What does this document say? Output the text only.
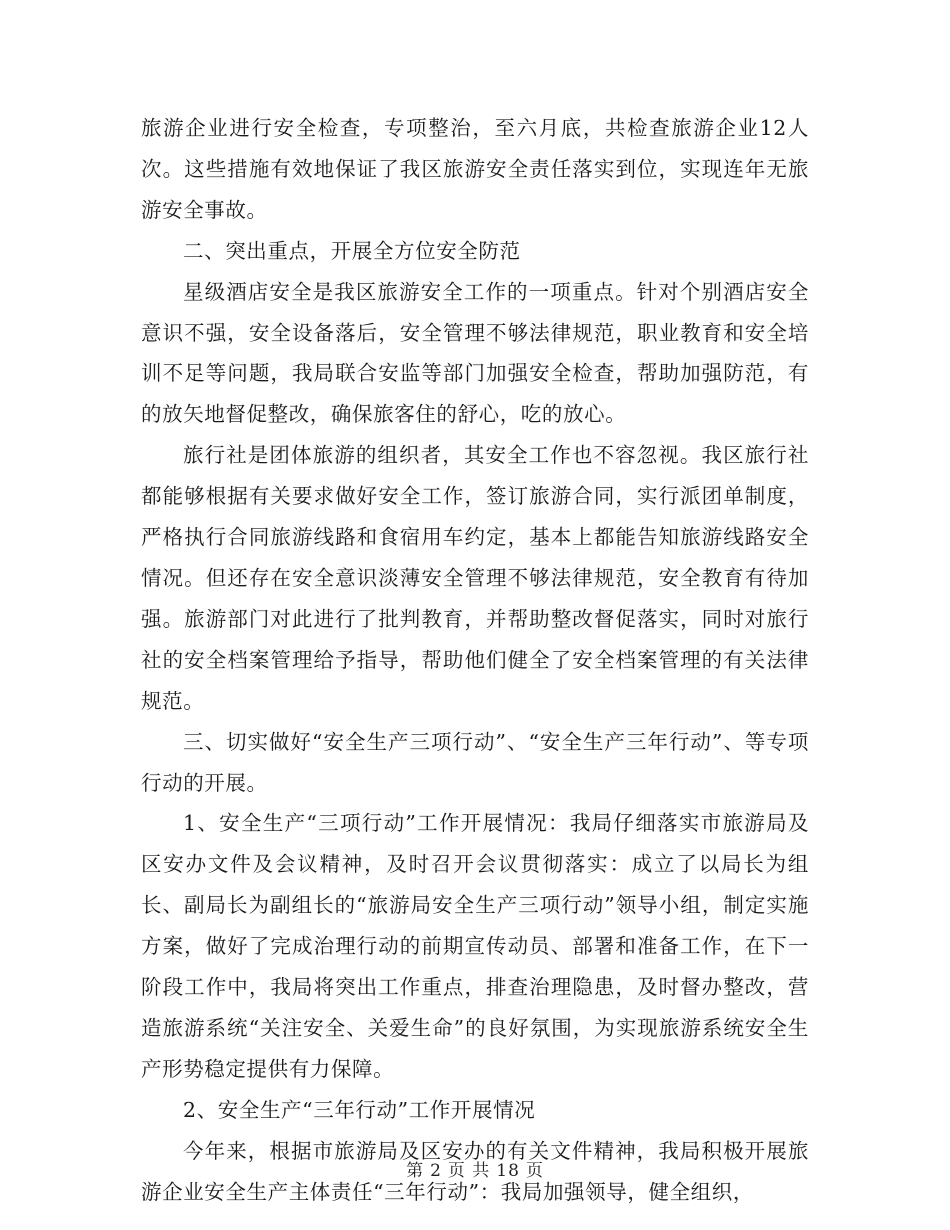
旅游企业进行安全检查，专项整治，至六月底，共检查旅游企业12人次。这些措施有效地保证了我区旅游安全责任落实到位，实现连年无旅游安全事故。

二、突出重点，开展全方位安全防范

星级酒店安全是我区旅游安全工作的一项重点。针对个别酒店安全意识不强，安全设备落后，安全管理不够法律规范，职业教育和安全培训不足等问题，我局联合安监等部门加强安全检查，帮助加强防范，有的放矢地督促整改，确保旅客住的舒心，吃的放心。

旅行社是团体旅游的组织者，其安全工作也不容忽视。我区旅行社都能够根据有关要求做好安全工作，签订旅游合同，实行派团单制度，严格执行合同旅游线路和食宿用车约定，基本上都能告知旅游线路安全情况。但还存在安全意识淡薄安全管理不够法律规范，安全教育有待加强。旅游部门对此进行了批判教育，并帮助整改督促落实，同时对旅行社的安全档案管理给予指导，帮助他们健全了安全档案管理的有关法律规范。

三、切实做好“安全生产三项行动”、“安全生产三年行动”、等专项行动的开展。

1、安全生产“三项行动”工作开展情况：我局仔细落实市旅游局及区安办文件及会议精神，及时召开会议贯彻落实：成立了以局长为组长、副局长为副组长的“旅游局安全生产三项行动”领导小组，制定实施方案，做好了完成治理行动的前期宣传动员、部署和准备工作，在下一阶段工作中，我局将突出工作重点，排查治理隐患，及时督办整改，营造旅游系统“关注安全、关爱生命”的良好氛围，为实现旅游系统安全生产形势稳定提供有力保障。

2、安全生产“三年行动”工作开展情况

今年来，根据市旅游局及区安办的有关文件精神，我局积极开展旅游企业安全生产主体责任“三年行动”：我局加强领导，健全组织，

第 2 页 共 18 页
